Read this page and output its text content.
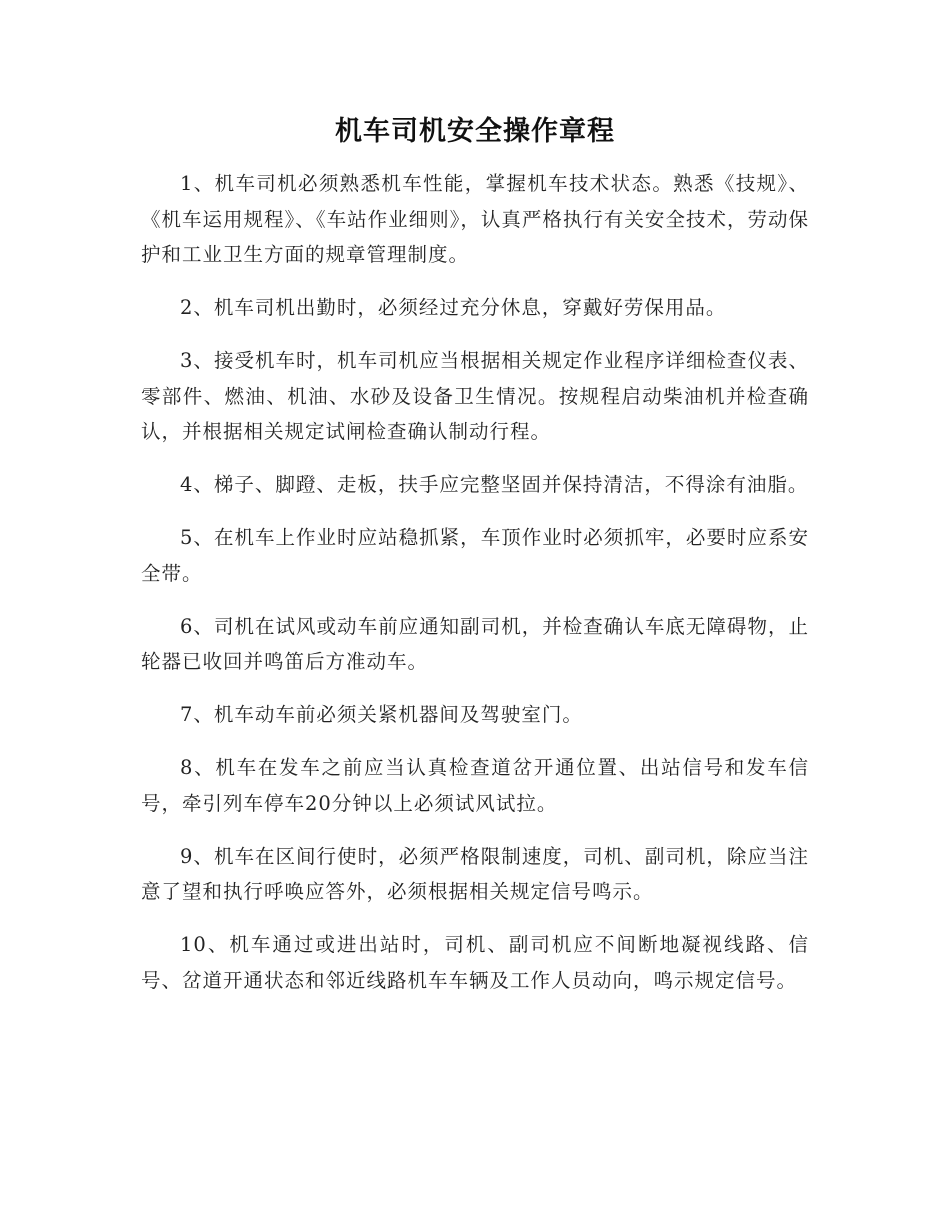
机车司机安全操作章程

1、机车司机必须熟悉机车性能，掌握机车技术状态。熟悉《技规》、《机车运用规程》、《车站作业细则》，认真严格执行有关安全技术，劳动保护和工业卫生方面的规章管理制度。

2、机车司机出勤时，必须经过充分休息，穿戴好劳保用品。

3、接受机车时，机车司机应当根据相关规定作业程序详细检查仪表、零部件、燃油、机油、水砂及设备卫生情况。按规程启动柴油机并检查确认，并根据相关规定试闸检查确认制动行程。

4、梯子、脚蹬、走板，扶手应完整坚固并保持清洁，不得涂有油脂。

5、在机车上作业时应站稳抓紧，车顶作业时必须抓牢，必要时应系安全带。

6、司机在试风或动车前应通知副司机，并检查确认车底无障碍物，止轮器已收回并鸣笛后方准动车。

7、机车动车前必须关紧机器间及驾驶室门。

8、机车在发车之前应当认真检查道岔开通位置、出站信号和发车信号，牵引列车停车20分钟以上必须试风试拉。

9、机车在区间行使时，必须严格限制速度，司机、副司机，除应当注意了望和执行呼唤应答外，必须根据相关规定信号鸣示。

10、机车通过或进出站时，司机、副司机应不间断地凝视线路、信号、岔道开通状态和邻近线路机车车辆及工作人员动向，鸣示规定信号。
